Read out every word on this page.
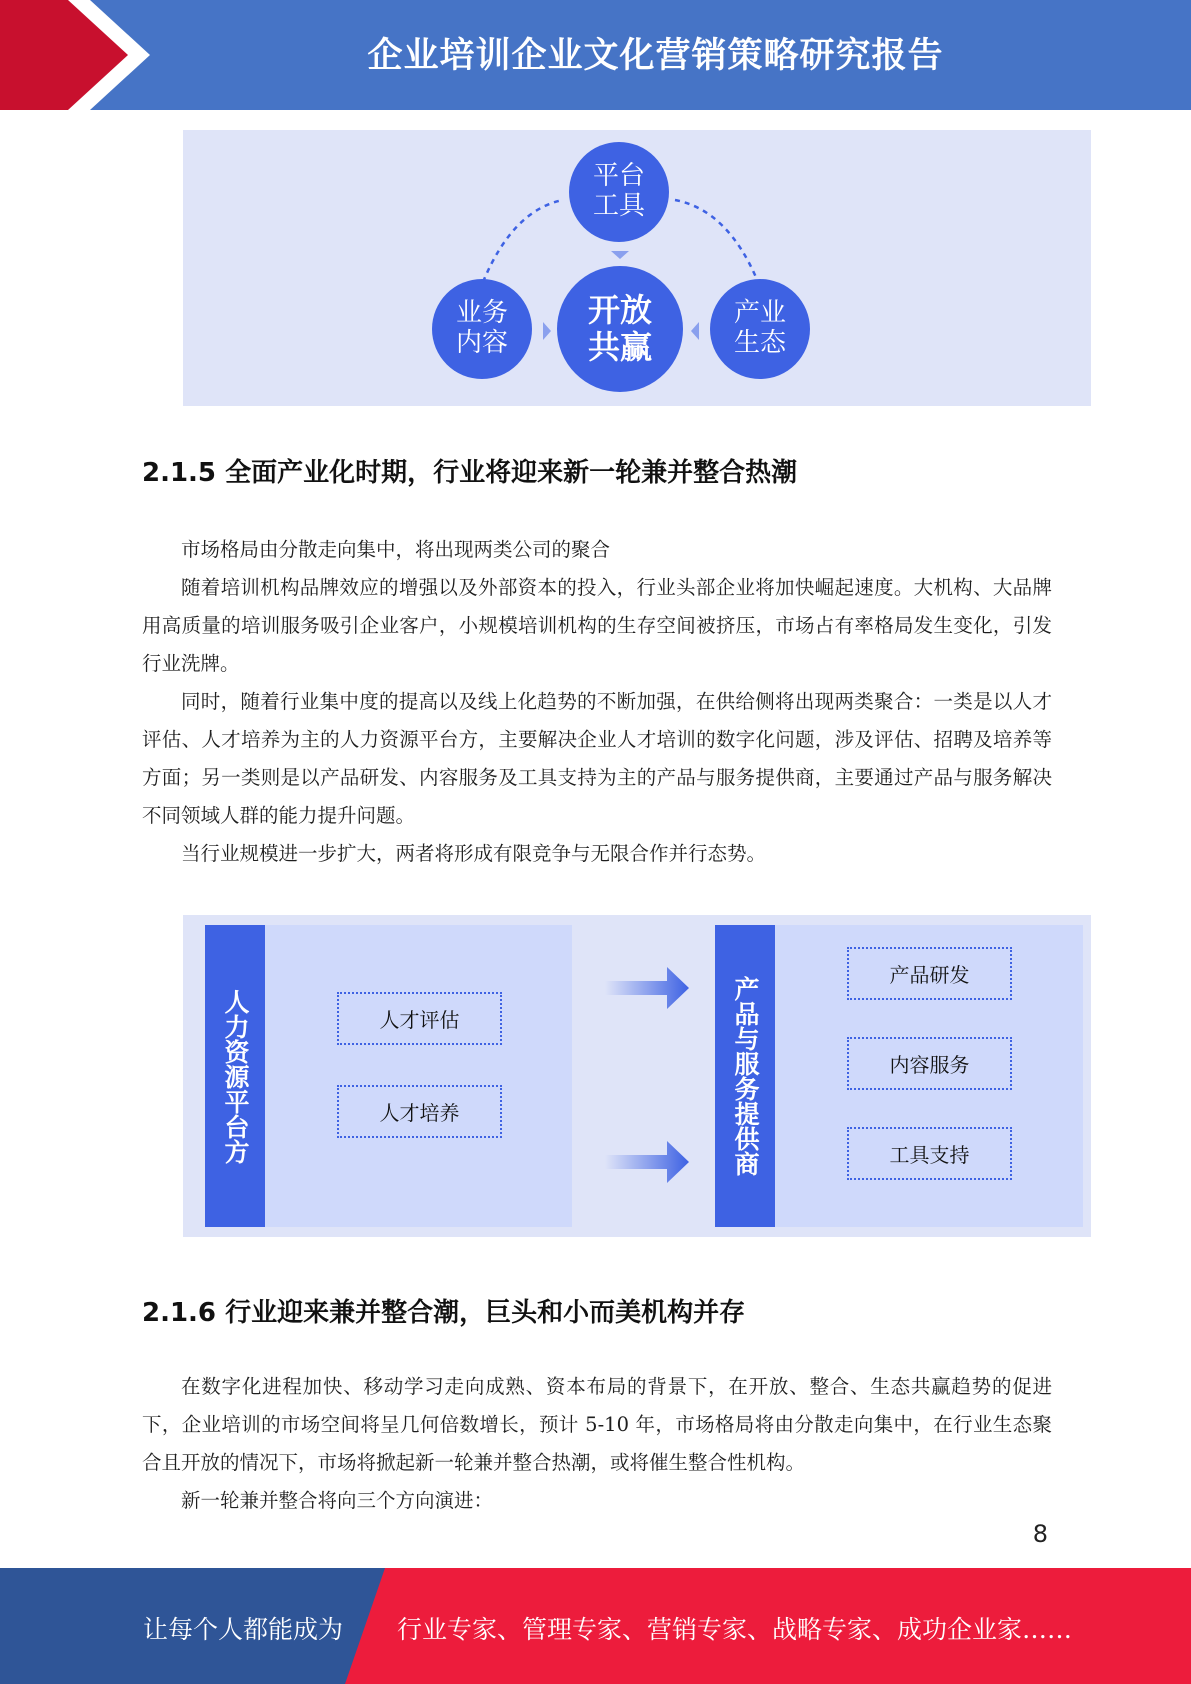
企业培训企业文化营销策略研究报告
平台
工具
业务
内容
产业
生态
开放
共赢
2.1.5 全面产业化时期，行业将迎来新一轮兼并整合热潮

市场格局由分散走向集中，将出现两类公司的聚合

随着培训机构品牌效应的增强以及外部资本的投入，行业头部企业将加快崛起速度。大机构、大品牌用高质量的培训服务吸引企业客户，小规模培训机构的生存空间被挤压，市场占有率格局发生变化，引发行业洗牌。

同时，随着行业集中度的提高以及线上化趋势的不断加强，在供给侧将出现两类聚合：一类是以人才评估、人才培养为主的人力资源平台方，主要解决企业人才培训的数字化问题，涉及评估、招聘及培养等方面；另一类则是以产品研发、内容服务及工具支持为主的产品与服务提供商，主要通过产品与服务解决不同领域人群的能力提升问题。

当行业规模进一步扩大，两者将形成有限竞争与无限合作并行态势。

人力资源平台方	人才评估
人才培养	产品与服务提供商
产品研发
内容服务
工具支持
2.1.6 行业迎来兼并整合潮，巨头和小而美机构并存

在数字化进程加快、移动学习走向成熟、资本布局的背景下，在开放、整合、生态共赢趋势的促进下，企业培训的市场空间将呈几何倍数增长，预计 5-10 年，市场格局将由分散走向集中，在行业生态聚合且开放的情况下，市场将掀起新一轮兼并整合热潮，或将催生整合性机构。

新一轮兼并整合将向三个方向演进：

8
让每个人都能成为 行业专家、管理专家、营销专家、战略专家、成功企业家……
